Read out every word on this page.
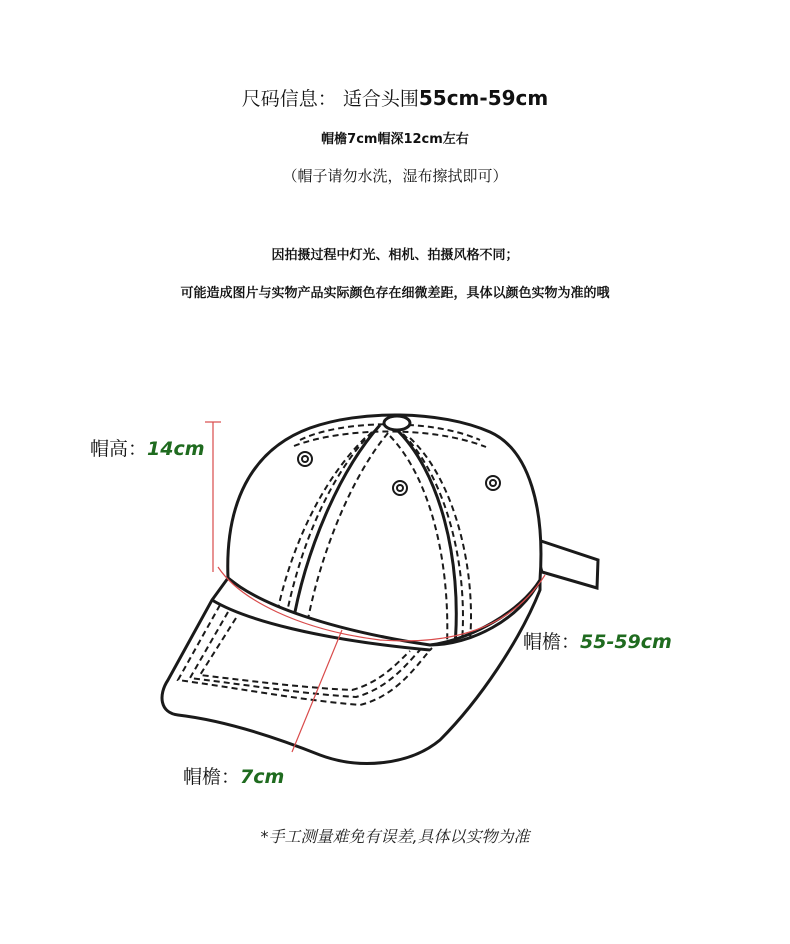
尺码信息： 适合头围55cm-59cm
帽檐7cm帽深12cm左右
（帽子请勿水洗，湿布擦拭即可）
因拍摄过程中灯光、相机、拍摄风格不同；
可能造成图片与实物产品实际颜色存在细微差距，具体以颜色实物为准的哦
帽高：14cm
帽檐：55-59cm
帽檐：7cm
*手工测量难免有误差,具体以实物为准
